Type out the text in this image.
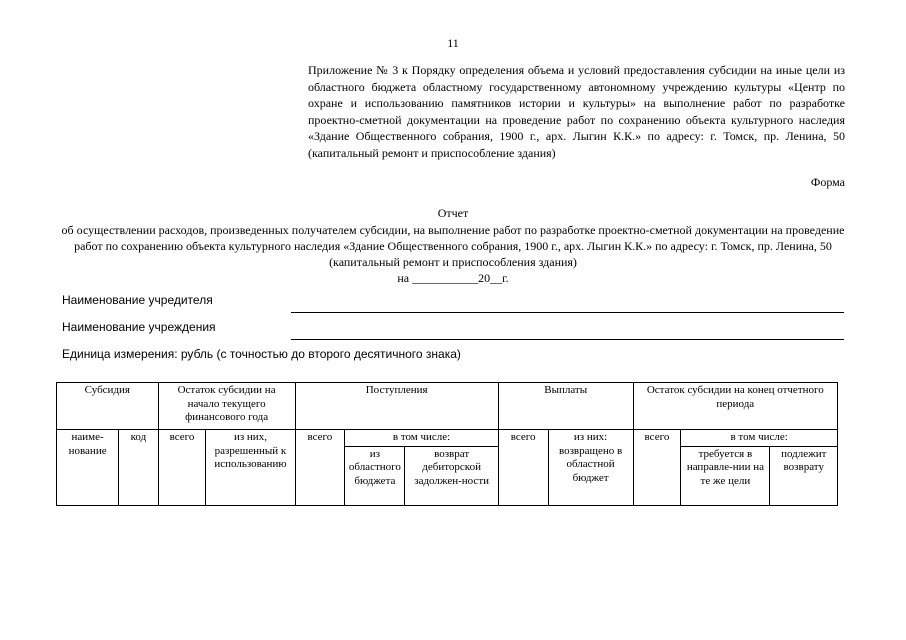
11
Приложение № 3 к Порядку определения объема и условий предоставления субсидии на иные цели из областного бюджета областному государственному автономному учреждению культуры «Центр по охране и использованию памятников истории и культуры» на выполнение работ по разработке проектно-сметной документации на проведение работ по сохранению объекта культурного наследия «Здание Общественного собрания, 1900 г., арх. Лыгин К.К.» по адресу: г. Томск, пр. Ленина, 50 (капитальный ремонт и приспособление здания)
Форма
Отчет
об осуществлении расходов, произведенных получателем субсидии, на выполнение работ по разработке проектно-сметной документации на проведение работ по сохранению объекта культурного наследия «Здание Общественного собрания, 1900 г., арх. Лыгин К.К.» по адресу: г. Томск, пр. Ленина, 50 (капитальный ремонт и приспособления здания)
на ___________20__г.
Наименование учредителя
Наименование учреждения
Единица измерения: рубль (с точностью до второго десятичного знака)
Субсидия		Остаток субсидии на начало текущего финансового года		Поступления			Выплаты		Остаток субсидии на конец отчетного периода		
наиме-нование	код	всего	из них, разрешенный к использованию	всего	в том числе:		всего	из них: возвращено в областной бюджет	всего	в том числе:	
					из областного бюджета	возврат дебиторской задолжен-ности				требуется в направле-нии на те же цели	подлежит возврату
